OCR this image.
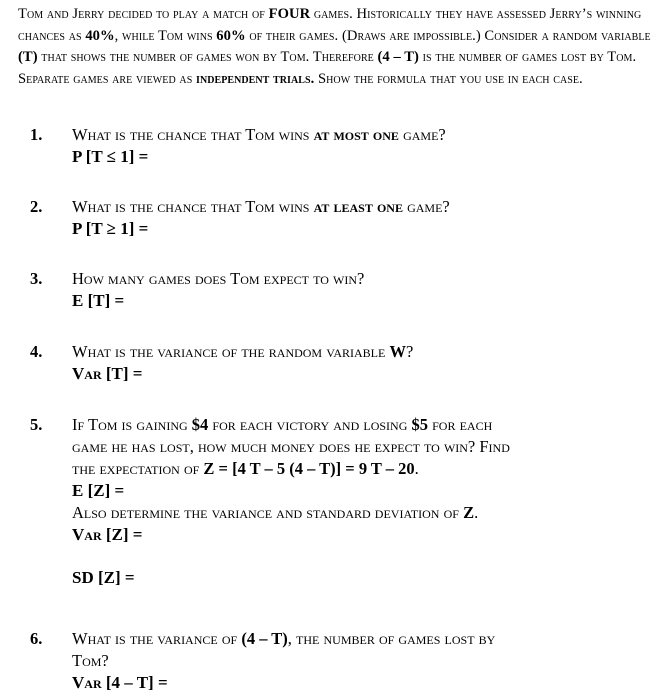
Tom and Jerry decided to play a match of FOUR games. Historically they have assessed Jerry’s winning chances as 40%, while Tom wins 60% of their games. (Draws are impossible.) Consider a random variable (T) that shows the number of games won by Tom. Therefore (4 – T) is the number of games lost by Tom. Separate games are viewed as independent trials. Show the formula that you use in each case.
1. What is the chance that Tom wins at most one game?
P [T ≤ 1] =
2. What is the chance that Tom wins at least one game?
P [T ≥ 1] =
3. How many games does Tom expect to win?
E [T] =
4. What is the variance of the random variable W?
Var [T] =
5. If Tom is gaining $4 for each victory and losing $5 for each
game he has lost, how much money does he expect to win? Find
the expectation of Z = [4 T – 5 (4 – T)] = 9 T – 20.
E [Z] =
Also determine the variance and standard deviation of Z.
Var [Z] =
SD [Z] =
6. What is the variance of (4 – T), the number of games lost by
Tom?
Var [4 – T] =
